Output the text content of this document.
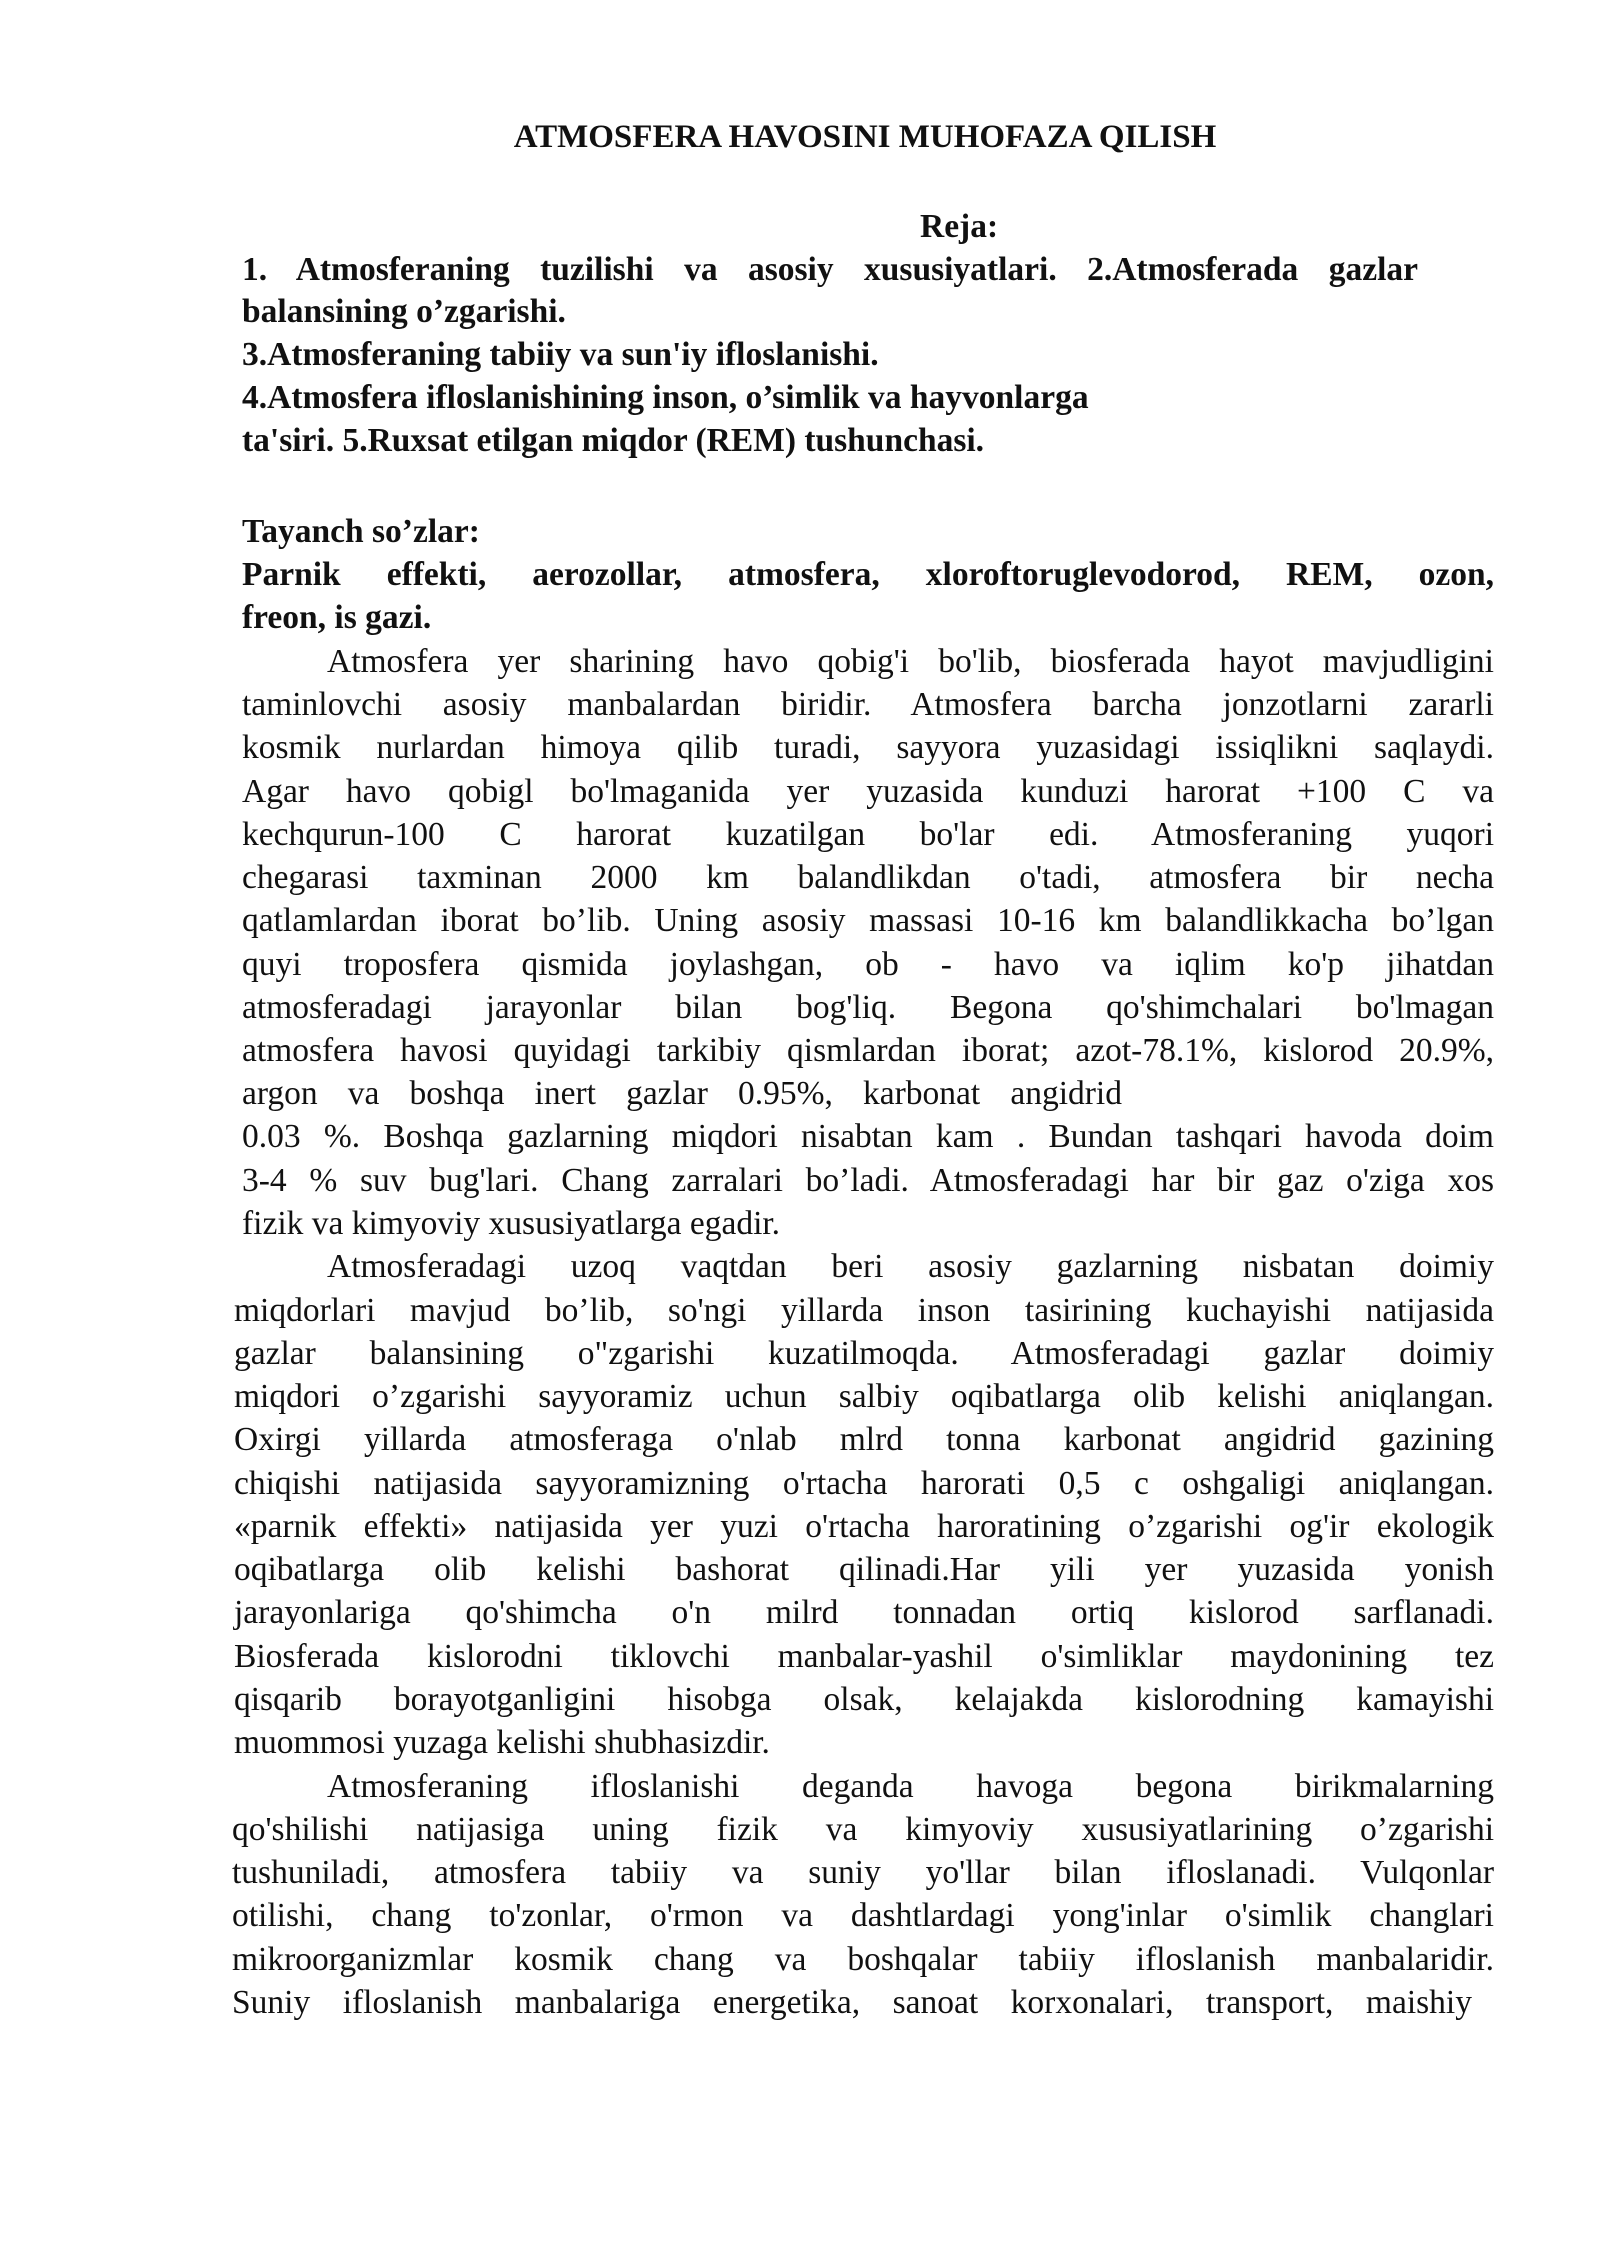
ATMOSFERA HAVOSINI MUHOFAZA QILISH
Reja:
1. Atmosferaning tuzilishi va asosiy xususiyatlari. 2.Atmosferada gazlar
balansining o’zgarishi.
3.Atmosferaning tabiiy va sun'iy ifloslanishi.
4.Atmosfera ifloslanishining inson, o’simlik va hayvonlarga
ta'siri. 5.Ruxsat etilgan miqdor (REM) tushunchasi.
Tayanch so’zlar:
Parnik effekti, aerozollar, atmosfera, xloroftoruglevodorod, REM, ozon,
freon, is gazi.
Atmosfera yer sharining havo qobig'i bo'lib, biosferada hayot mavjudligini
taminlovchi asosiy manbalardan biridir. Atmosfera barcha jonzotlarni zararli
kosmik nurlardan himoya qilib turadi, sayyora yuzasidagi issiqlikni saqlaydi.
Agar havo qobigl bo'lmaganida yer yuzasida kunduzi harorat +100 C va
kechqurun-100 C harorat kuzatilgan bo'lar edi. Atmosferaning yuqori
chegarasi taxminan 2000 km balandlikdan o'tadi, atmosfera bir necha
qatlamlardan iborat bo’lib. Uning asosiy massasi 10-16 km balandlikkacha bo’lgan
quyi troposfera qismida joylashgan, ob - havo va iqlim ko'p jihatdan
atmosferadagi jarayonlar bilan bog'liq. Begona qo'shimchalari bo'lmagan
atmosfera havosi quyidagi tarkibiy qismlardan iborat; azot-78.1%, kislorod 20.9%,
argon va boshqa inert gazlar 0.95%, karbonat angidrid
0.03 %. Boshqa gazlarning miqdori nisabtan kam . Bundan tashqari havoda doim
3-4 % suv bug'lari. Chang zarralari bo’ladi. Atmosferadagi har bir gaz o'ziga xos
fizik va kimyoviy xususiyatlarga egadir.
Atmosferadagi uzoq vaqtdan beri asosiy gazlarning nisbatan doimiy
miqdorlari mavjud bo’lib, so'ngi yillarda inson tasirining kuchayishi natijasida
gazlar balansining o"zgarishi kuzatilmoqda. Atmosferadagi gazlar doimiy
miqdori o’zgarishi sayyoramiz uchun salbiy oqibatlarga olib kelishi aniqlangan.
Oxirgi yillarda atmosferaga o'nlab mlrd tonna karbonat angidrid gazining
chiqishi natijasida sayyoramizning o'rtacha harorati 0,5 c oshgaligi aniqlangan.
«parnik effekti» natijasida yer yuzi o'rtacha haroratining o’zgarishi og'ir ekologik
oqibatlarga olib kelishi bashorat qilinadi.Har yili yer yuzasida yonish
jarayonlariga qo'shimcha o'n milrd tonnadan ortiq kislorod sarflanadi.
Biosferada kislorodni tiklovchi manbalar-yashil o'simliklar maydonining tez
qisqarib borayotganligini hisobga olsak, kelajakda kislorodning kamayishi
muommosi yuzaga kelishi shubhasizdir.
Atmosferaning ifloslanishi deganda havoga begona birikmalarning
qo'shilishi natijasiga uning fizik va kimyoviy xususiyatlarining o’zgarishi
tushuniladi, atmosfera tabiiy va suniy yo'llar bilan ifloslanadi. Vulqonlar
otilishi, chang to'zonlar, o'rmon va dashtlardagi yong'inlar o'simlik changlari
mikroorganizmlar kosmik chang va boshqalar tabiiy ifloslanish manbalaridir.
Suniy ifloslanish manbalariga energetika, sanoat korxonalari, transport, maishiy
